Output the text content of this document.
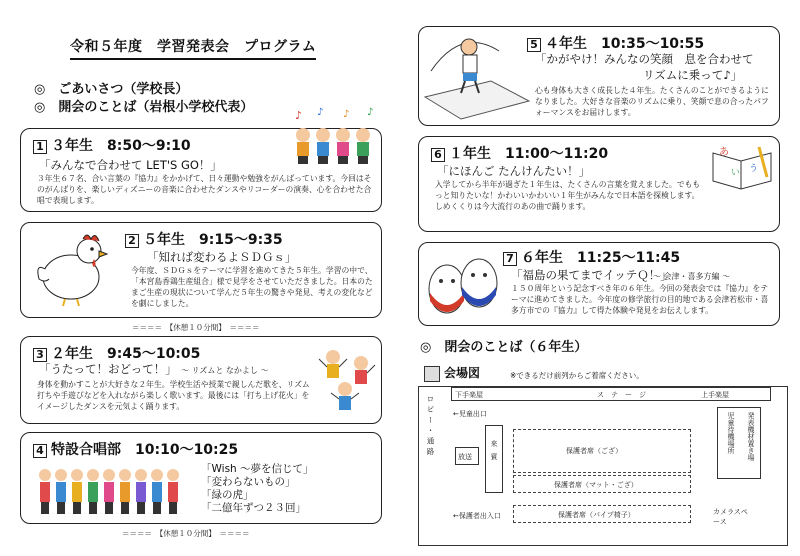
令和５年度　学習発表会　プログラム
◎　ごあいさつ（学校長）
◎　開会のことば（岩根小学校代表）
1 ３年生　8:50〜9:10
「みんなで合わせて LET'S GO！」
３年生６７名、合い言葉の『協力』をかかげて、日々運動や勉強をがんばっています。今回はそのがんばりを、楽しいディズニーの音楽に合わせたダンスやリコーダーの演奏、心を合わせた合唱で表現します。
♪ ♪ ♪ ♪
2 ５年生　9:15〜9:35
「知れば変わるよＳＤＧｓ」
今年度、ＳＤＧｓをテーマに学習を進めてきた５年生。学習の中で、「本宮島香鶏生産組合」様で見学をさせていただきました。日本のたまご生産の現状について学んだ５年生の驚きや発見、考えの変化などを劇にしました。
＝＝＝＝　【休憩１０分間】　＝＝＝＝
3 ２年生　9:45〜10:05
「うたって！おどって！」 〜 リズムと なかよし 〜
身体を動かすことが大好きな２年生。学校生活や授業で親しんだ歌を、リズム打ちや手遊びなどを入れながら楽しく歌います。最後には「打ち上げ花火」をイメージしたダンスを元気よく踊ります。
4 特設合唱部　10:10〜10:25
「Wish 〜夢を信じて」
「変わらないもの」
「緑の虎」
「二億年ずつ２３回」
＝＝＝＝　【休憩１０分間】　＝＝＝＝
5 ４年生　10:35〜10:55
「かがやけ！みんなの笑顔　息を合わせて
リズムに乗って♪」
心も身体も大きく成長した４年生。たくさんのことができるようになりました。大好きな音楽のリズムに乗り、笑顔で息の合ったパフォーマンスをお届けします。
6 １年生　11:00〜11:20
「にほんご たんけんたい！」
入学してから半年が過ぎた１年生は、たくさんの言葉を覚えました。でももっと知りたいな！かわいいかわいい１年生がみんなで日本語を探検します。しめくくりは今大流行のあの曲で踊ります。
あ
い う
7 ６年生　11:25〜11:45
「福島の果てまでイッテＱ！」
〜 会津・喜多方編 〜
１５０周年という記念すべき年の６年生。今回の発表会では『協力』をテーマに進めてきました。今年度の修学旅行の目的地である会津若松市・喜多方市での『協力』して得た体験や発見をお伝えします。
◎　閉会のことば（６年生）
会場図	※できるだけ前列からご着席ください。
ロビー・通路	下手楽屋	ス　テ　ー　ジ	上手楽屋
←児童出口
放送	来賓	保護者席（ござ）
保護者席（マット・ござ）
保護者席（パイプ椅子）
←保護者出入口
発表機材置き場
児童待機場所
カメラスペース
